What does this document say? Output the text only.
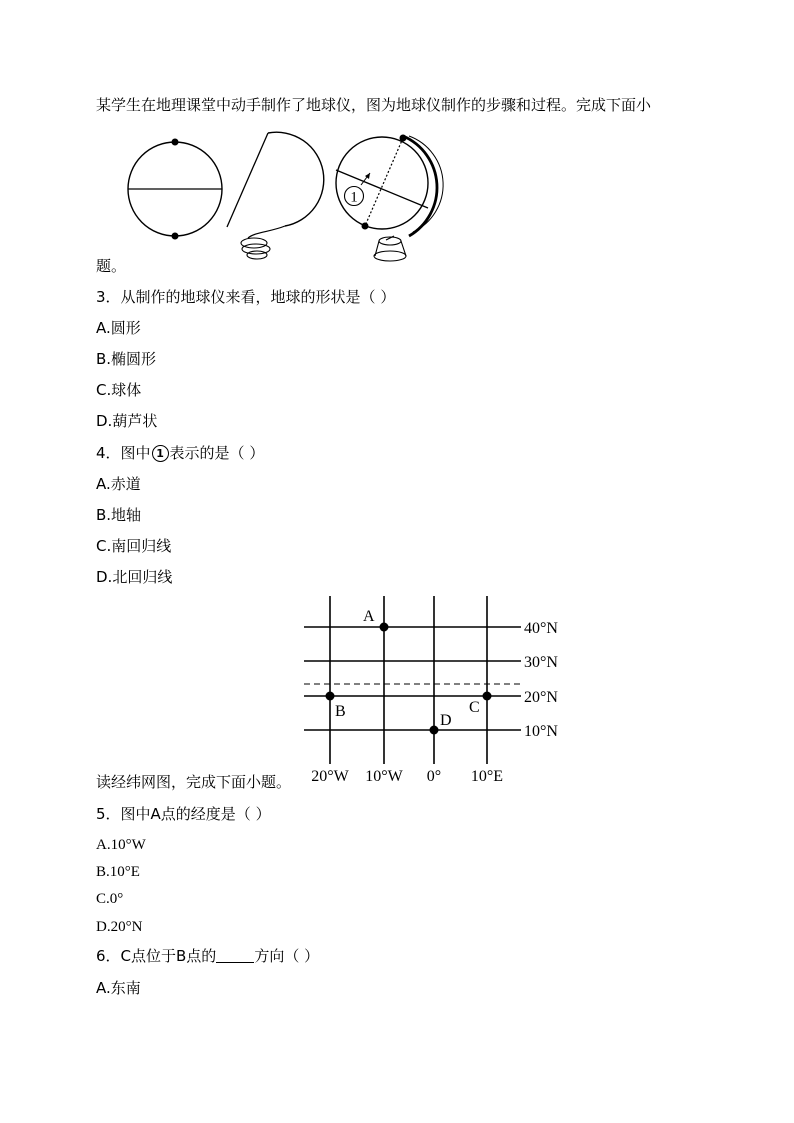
某学生在地理课堂中动手制作了地球仪，图为地球仪制作的步骤和过程。完成下面小
1
题。
3．从制作的地球仪来看，地球的形状是（ ）
A.圆形
B.椭圆形
C.球体
D.葫芦状
4．图中 1 表示的是（ ）
A.赤道
B.地轴
C.南回归线
D.北回归线
A
B	C
D
40°N
30°N
20°N
10°N
20°W 10°W 0° 10°E
读经纬网图，完成下面小题。
5．图中A点的经度是（ ）
A.10°W
B.10°E
C.0°
D.20°N
6．C点位于B点的	方向（ ）
A.东南
